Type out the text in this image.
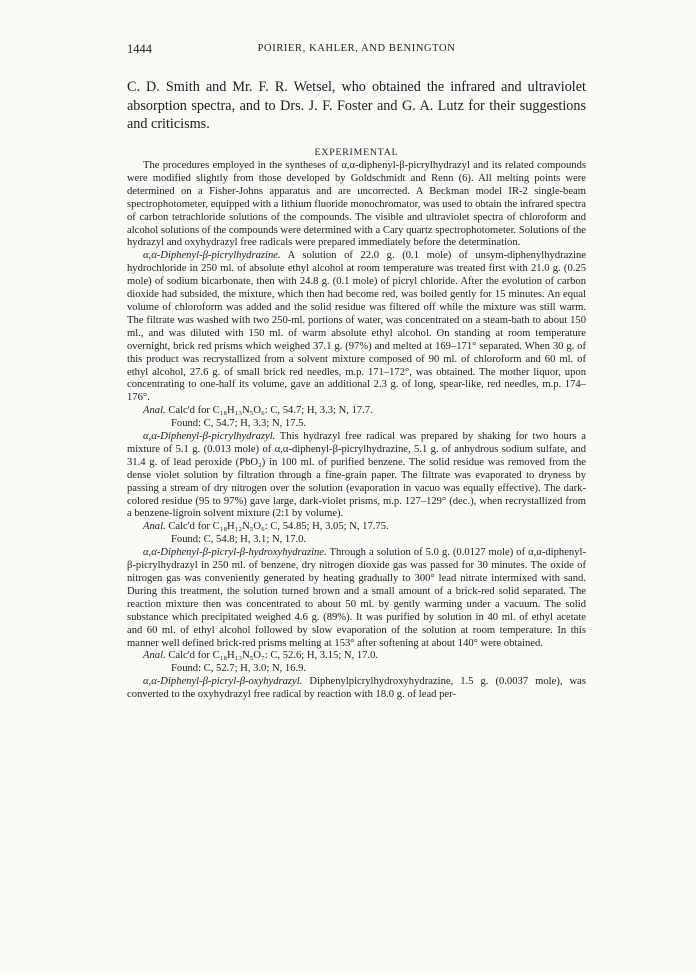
1444	POIRIER, KAHLER, AND BENINGTON
C. D. Smith and Mr. F. R. Wetsel, who obtained the infrared and ultraviolet absorption spectra, and to Drs. J. F. Foster and G. A. Lutz for their suggestions and criticisms.
EXPERIMENTAL

The procedures employed in the syntheses of α,α-diphenyl-β-picrylhydrazyl and its related compounds were modified slightly from those developed by Goldschmidt and Renn (6). All melting points were determined on a Fisher-Johns apparatus and are uncorrected. A Beckman model IR-2 single-beam spectrophotometer, equipped with a lithium fluoride monochromator, was used to obtain the infrared spectra of carbon tetrachloride solutions of the compounds. The visible and ultraviolet spectra of chloroform and alcohol solutions of the compounds were determined with a Cary quartz spectrophotometer. Solutions of the hydrazyl and oxyhydrazyl free radicals were prepared immediately before the determination.

α,α-Diphenyl-β-picrylhydrazine. A solution of 22.0 g. (0.1 mole) of unsym-diphenylhydrazine hydrochloride in 250 ml. of absolute ethyl alcohol at room temperature was treated first with 21.0 g. (0.25 mole) of sodium bicarbonate, then with 24.8 g. (0.1 mole) of picryl chloride. After the evolution of carbon dioxide had subsided, the mixture, which then had become red, was boiled gently for 15 minutes. An equal volume of chloroform was added and the solid residue was filtered off while the mixture was still warm. The filtrate was washed with two 250-ml. portions of water, was concentrated on a steam-bath to about 150 ml., and was diluted with 150 ml. of warm absolute ethyl alcohol. On standing at room temperature overnight, brick red prisms which weighed 37.1 g. (97%) and melted at 169–171° separated. When 30 g. of this product was recrystallized from a solvent mixture composed of 90 ml. of chloroform and 60 ml. of ethyl alcohol, 27.6 g. of small brick red needles, m.p. 171–172°, was obtained. The mother liquor, upon concentrating to one-half its volume, gave an additional 2.3 g. of long, spear-like, red needles, m.p. 174–176°.

Anal. Calc'd for C₁₈H₁₃N₅O₆: C, 54.7; H, 3.3; N, 17.7.

Found: C, 54.7; H, 3.3; N, 17.5.

α,α-Diphenyl-β-picrylhydrazyl. This hydrazyl free radical was prepared by shaking for two hours a mixture of 5.1 g. (0.013 mole) of α,α-diphenyl-β-picrylhydrazine, 5.1 g. of anhydrous sodium sulfate, and 31.4 g. of lead peroxide (PbO₂) in 100 ml. of purified benzene. The solid residue was removed from the dense violet solution by filtration through a fine-grain paper. The filtrate was evaporated to dryness by passing a stream of dry nitrogen over the solution (evaporation in vacuo was equally effective). The dark-colored residue (95 to 97%) gave large, dark-violet prisms, m.p. 127–129° (dec.), when recrystallized from a benzene-ligroin solvent mixture (2:1 by volume).

Anal. Calc'd for C₁₈H₁₂N₅O₆: C, 54.85; H, 3.05; N, 17.75.

Found: C, 54.8; H, 3.1; N, 17.0.

α,α-Diphenyl-β-picryl-β-hydroxyhydrazine. Through a solution of 5.0 g. (0.0127 mole) of α,α-diphenyl-β-picrylhydrazyl in 250 ml. of benzene, dry nitrogen dioxide gas was passed for 30 minutes. The oxide of nitrogen gas was conveniently generated by heating gradually to 300° lead nitrate intermixed with sand. During this treatment, the solution turned brown and a small amount of a brick-red solid separated. The reaction mixture then was concentrated to about 50 ml. by gently warming under a vacuum. The solid substance which precipitated weighed 4.6 g. (89%). It was purified by solution in 40 ml. of ethyl acetate and 60 ml. of ethyl alcohol followed by slow evaporation of the solution at room temperature. In this manner well defined brick-red prisms melting at 153° after softening at about 140° were obtained.

Anal. Calc'd for C₁₈H₁₃N₅O₇: C, 52.6; H, 3.15; N, 17.0.

Found: C, 52.7; H, 3.0; N, 16.9.

α,α-Diphenyl-β-picryl-β-oxyhydrazyl. Diphenylpicrylhydroxyhydrazine, 1.5 g. (0.0037 mole), was converted to the oxyhydrazyl free radical by reaction with 18.0 g. of lead per-
